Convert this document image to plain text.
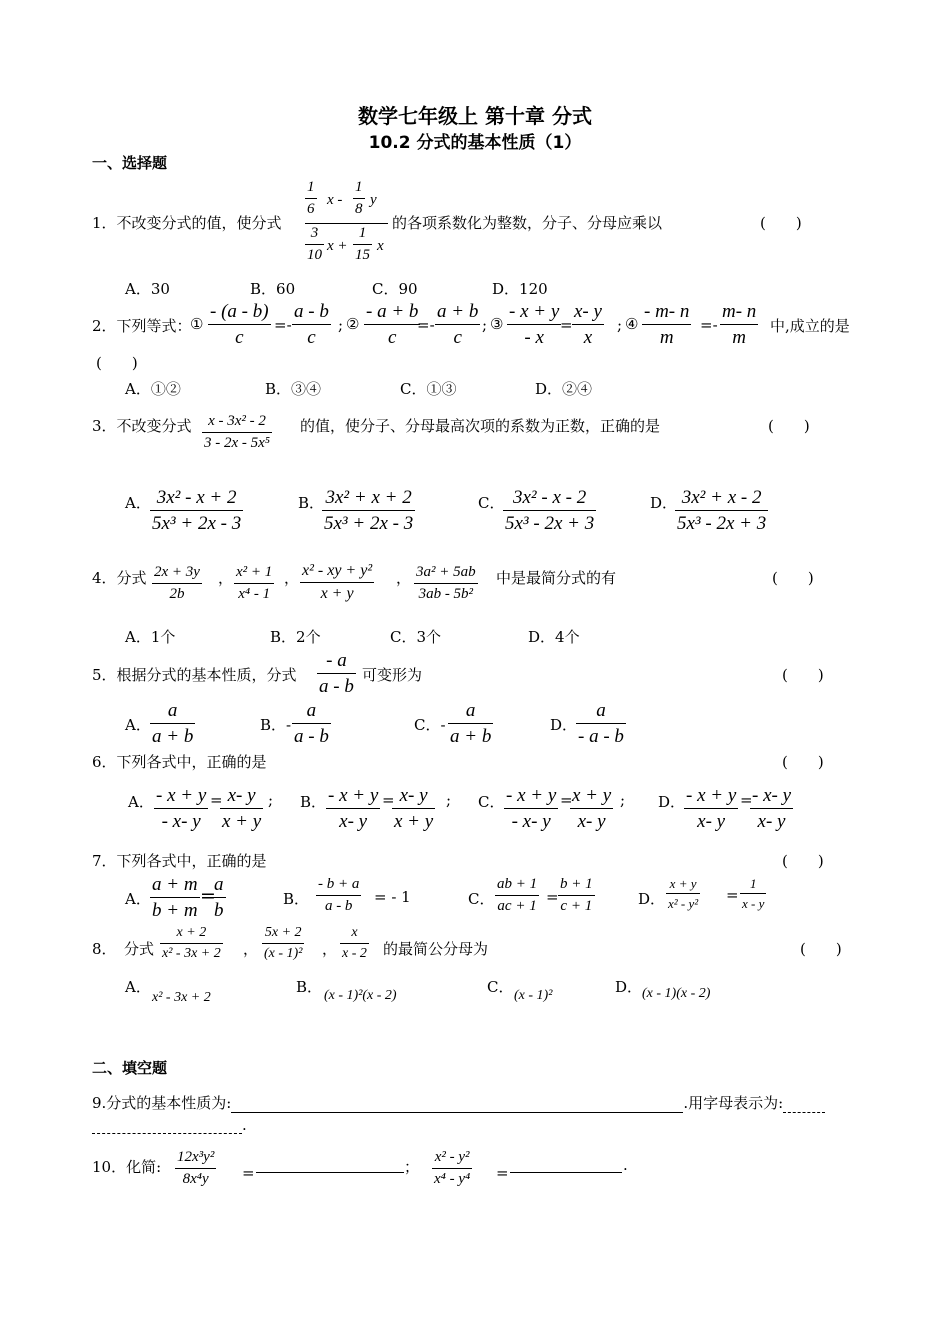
数学七年级上 第十章 分式
10.2 分式的基本性质（1）
一、选择题
1．不改变分式的值，使分式
1
6
x -
1
8
y
3
10
x +
1
15
x
的各项系数化为整数，分子、分母应乘以	(　　)
A．30	B．60	C．90	D．120
2．下列等式：
①
- (a - b)
c
=-
a - b
c
; ②
- a + b
c
=-
a + b
c
; ③
- x + y
- x
=
x- y
x
; ④
- m- n
m
=-
m- n
m
中,成立的是
(　　)
A．①②	B．③④	C．①③	D．②④
3．不改变分式 x - 3x² - 2
3 - 2x - 5x⁵
的值，使分子、分母最高次项的系数为正数，正确的是	(　　)
A． 3x² - x + 2
5x³ + 2x - 3
B． 3x² + x + 2
5x³ + 2x - 3
C． 3x² - x - 2
5x³ - 2x + 3
D． 3x² + x - 2
5x³ - 2x + 3
4．分式 2x + 3y
2b
， x² + 1
x⁴ - 1
， x² - xy + y²
x + y
， 3a² + 5ab
3ab - 5b²
中是最简分式的有	(　　)
A．1个	B．2个	C．3个	D．4个
5．根据分式的基本性质，分式
- a
a - b
可变形为	(　　)
A．
a
a + b
B．-
a
a - b
C．-
a
a + b
D．
a
- a - b
6．下列各式中，正确的是	(　　)
A． - x + y
- x- y
= x- y
x + y
; B． - x + y
x- y
= x- y
x + y
; C． - x + y
- x- y
= x + y
x- y
; D． - x + y
x- y
= - x- y
x- y
7．下列各式中，正确的是	(　　)
A．
a + m
b + m
=
a
b
B．
- b + a
a - b = - 1	C．
ab + 1
ac + 1 =
b + 1
c + 1	D．
x + y
x² - y² =
1
x - y
8．　分式
x + 2
x² - 3x + 2 ，
5x + 2
(x - 1)² ，
x
x - 2 的最简公分母为	(　　)
A．
x² - 3x + 2
B． (x - 1)²(x - 2)	C． (x - 1)²	D． (x - 1)(x - 2)
二、填空题
9.分式的基本性质为:	.用字母表示为:
.
10．化简:
12x³y²
8x⁴y =	；
x² - y²
x⁴ - y⁴ =	.
